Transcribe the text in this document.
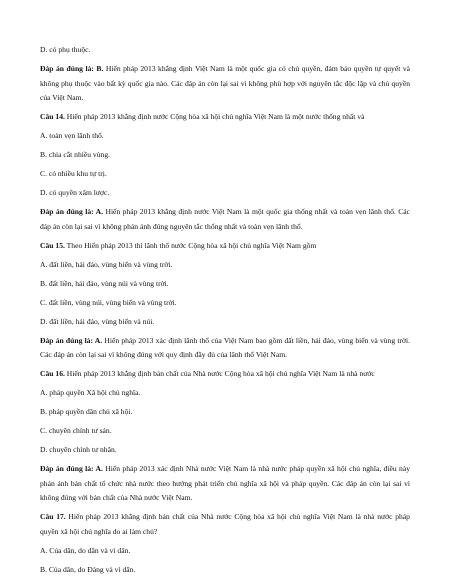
D. có phụ thuộc.

Đáp án đúng là: B. Hiến pháp 2013 khẳng định Việt Nam là một quốc gia có chủ quyền, đảm bảo quyền tự quyết và không phụ thuộc vào bất kỳ quốc gia nào. Các đáp án còn lại sai vì không phù hợp với nguyên tắc độc lập và chủ quyền của Việt Nam.

Câu 14. Hiến pháp 2013 khẳng định nước Cộng hòa xã hội chủ nghĩa Việt Nam là một nước thống nhất và

A. toàn vẹn lãnh thổ.

B. chia cắt nhiều vùng.

C. có nhiều khu tự trị.

D. có quyền xâm lược.

Đáp án đúng là: A. Hiến pháp 2013 khẳng định nước Việt Nam là một quốc gia thống nhất và toàn vẹn lãnh thổ. Các đáp án còn lại sai vì không phản ánh đúng nguyên tắc thống nhất và toàn vẹn lãnh thổ.

Câu 15. Theo Hiến pháp 2013 thì lãnh thổ nước Cộng hòa xã hội chủ nghĩa Việt Nam gồm

A. đất liền, hải đảo, vùng biển và vùng trời.

B. đất liền, hải đảo, vùng núi và vùng trời.

C. đất liền, vùng núi, vùng biển và vùng trời.

D. đất liền, hải đảo, vùng biển và núi.

Đáp án đúng là: A. Hiến pháp 2013 xác định lãnh thổ của Việt Nam bao gồm đất liền, hải đảo, vùng biển và vùng trời. Các đáp án còn lại sai vì không đúng với quy định đầy đủ của lãnh thổ Việt Nam.

Câu 16. Hiến pháp 2013 khẳng định bản chất của Nhà nước Cộng hòa xã hội chủ nghĩa Việt Nam là nhà nước

A. pháp quyền Xã hội chủ nghĩa.

B. pháp quyền dân chủ xã hội.

C. chuyên chính tư sản.

D. chuyên chính tư nhân.

Đáp án đúng là: A. Hiến pháp 2013 xác định Nhà nước Việt Nam là nhà nước pháp quyền xã hội chủ nghĩa, điều này phản ánh bản chất tổ chức nhà nước theo hướng phát triển chủ nghĩa xã hội và pháp quyền. Các đáp án còn lại sai vì không đúng với bản chất của Nhà nước Việt Nam.

Câu 17. Hiến pháp 2013 khẳng định bản chất của Nhà nước Cộng hòa xã hội chủ nghĩa Việt Nam là nhà nước pháp quyền xã hội chủ nghĩa do ai làm chủ?

A. Của dân, do dân và vì dân.

B. Của dân, do Đảng và vì dân.
